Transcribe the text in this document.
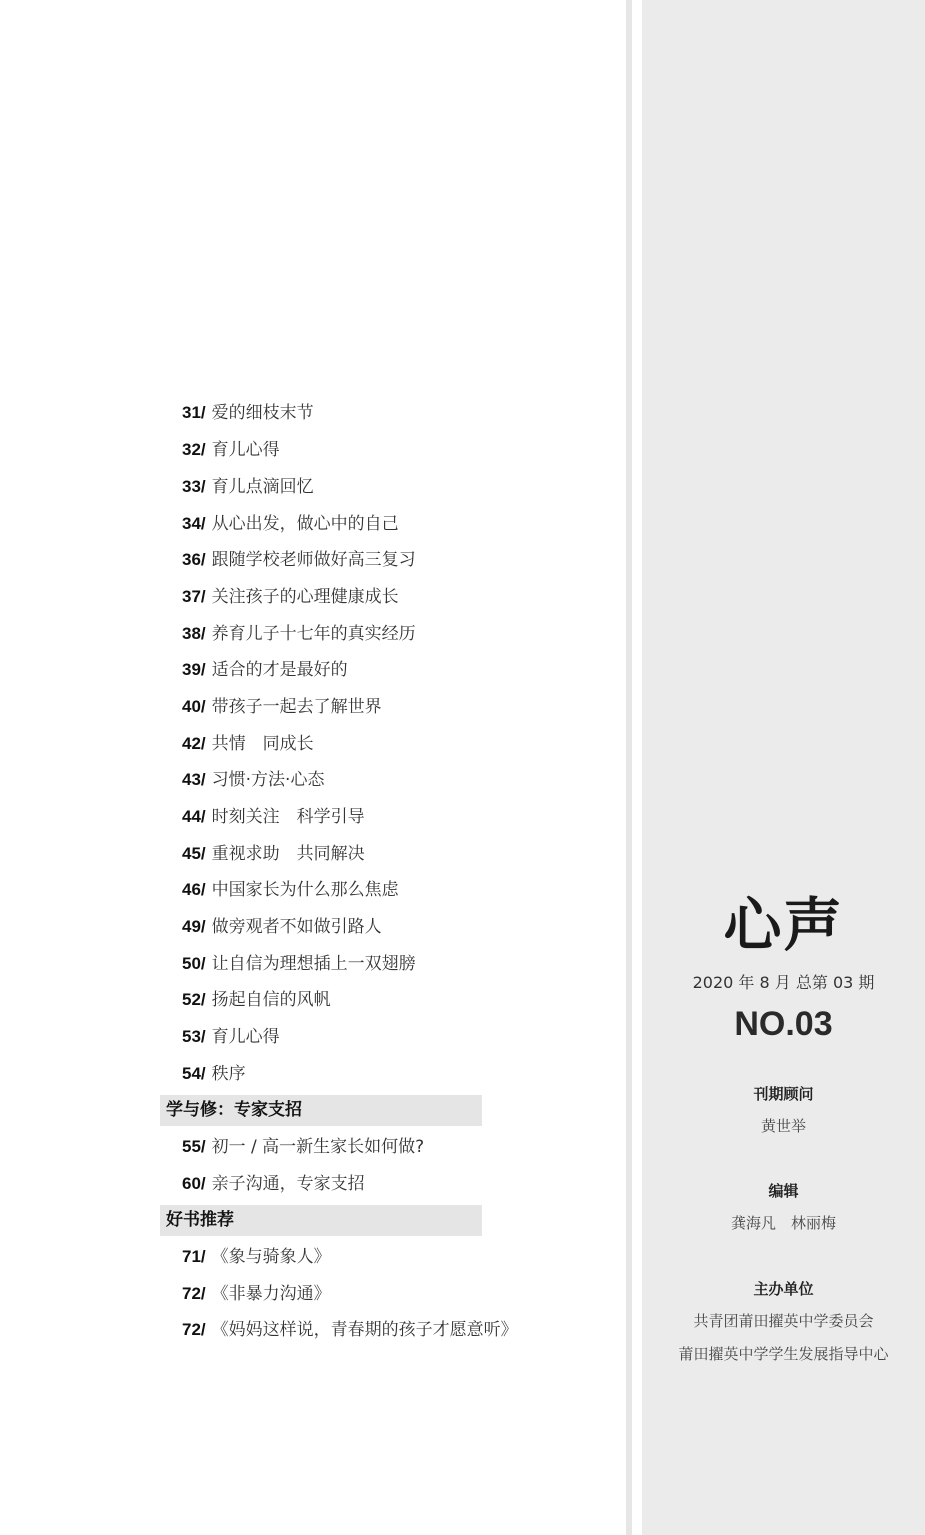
31/ 爱的细枝末节
32/ 育儿心得
33/ 育儿点滴回忆
34/ 从心出发，做心中的自己
36/ 跟随学校老师做好高三复习
37/ 关注孩子的心理健康成长
38/ 养育儿子十七年的真实经历
39/ 适合的才是最好的
40/ 带孩子一起去了解世界
42/ 共情　同成长
43/ 习惯·方法·心态
44/ 时刻关注　科学引导
45/ 重视求助　共同解决
46/ 中国家长为什么那么焦虑
49/ 做旁观者不如做引路人
50/ 让自信为理想插上一双翅膀
52/ 扬起自信的风帆
53/ 育儿心得
54/ 秩序
学与修：专家支招
55/ 初一 / 高一新生家长如何做?
60/ 亲子沟通，专家支招
好书推荐
71/ 《象与骑象人》
72/ 《非暴力沟通》
72/ 《妈妈这样说，青春期的孩子才愿意听》
心声
2020 年 8 月 总第 03 期
NO.03
刊期顾问
黄世举
编辑
龚海凡　林丽梅
主办单位
共青团莆田擢英中学委员会
莆田擢英中学学生发展指导中心
